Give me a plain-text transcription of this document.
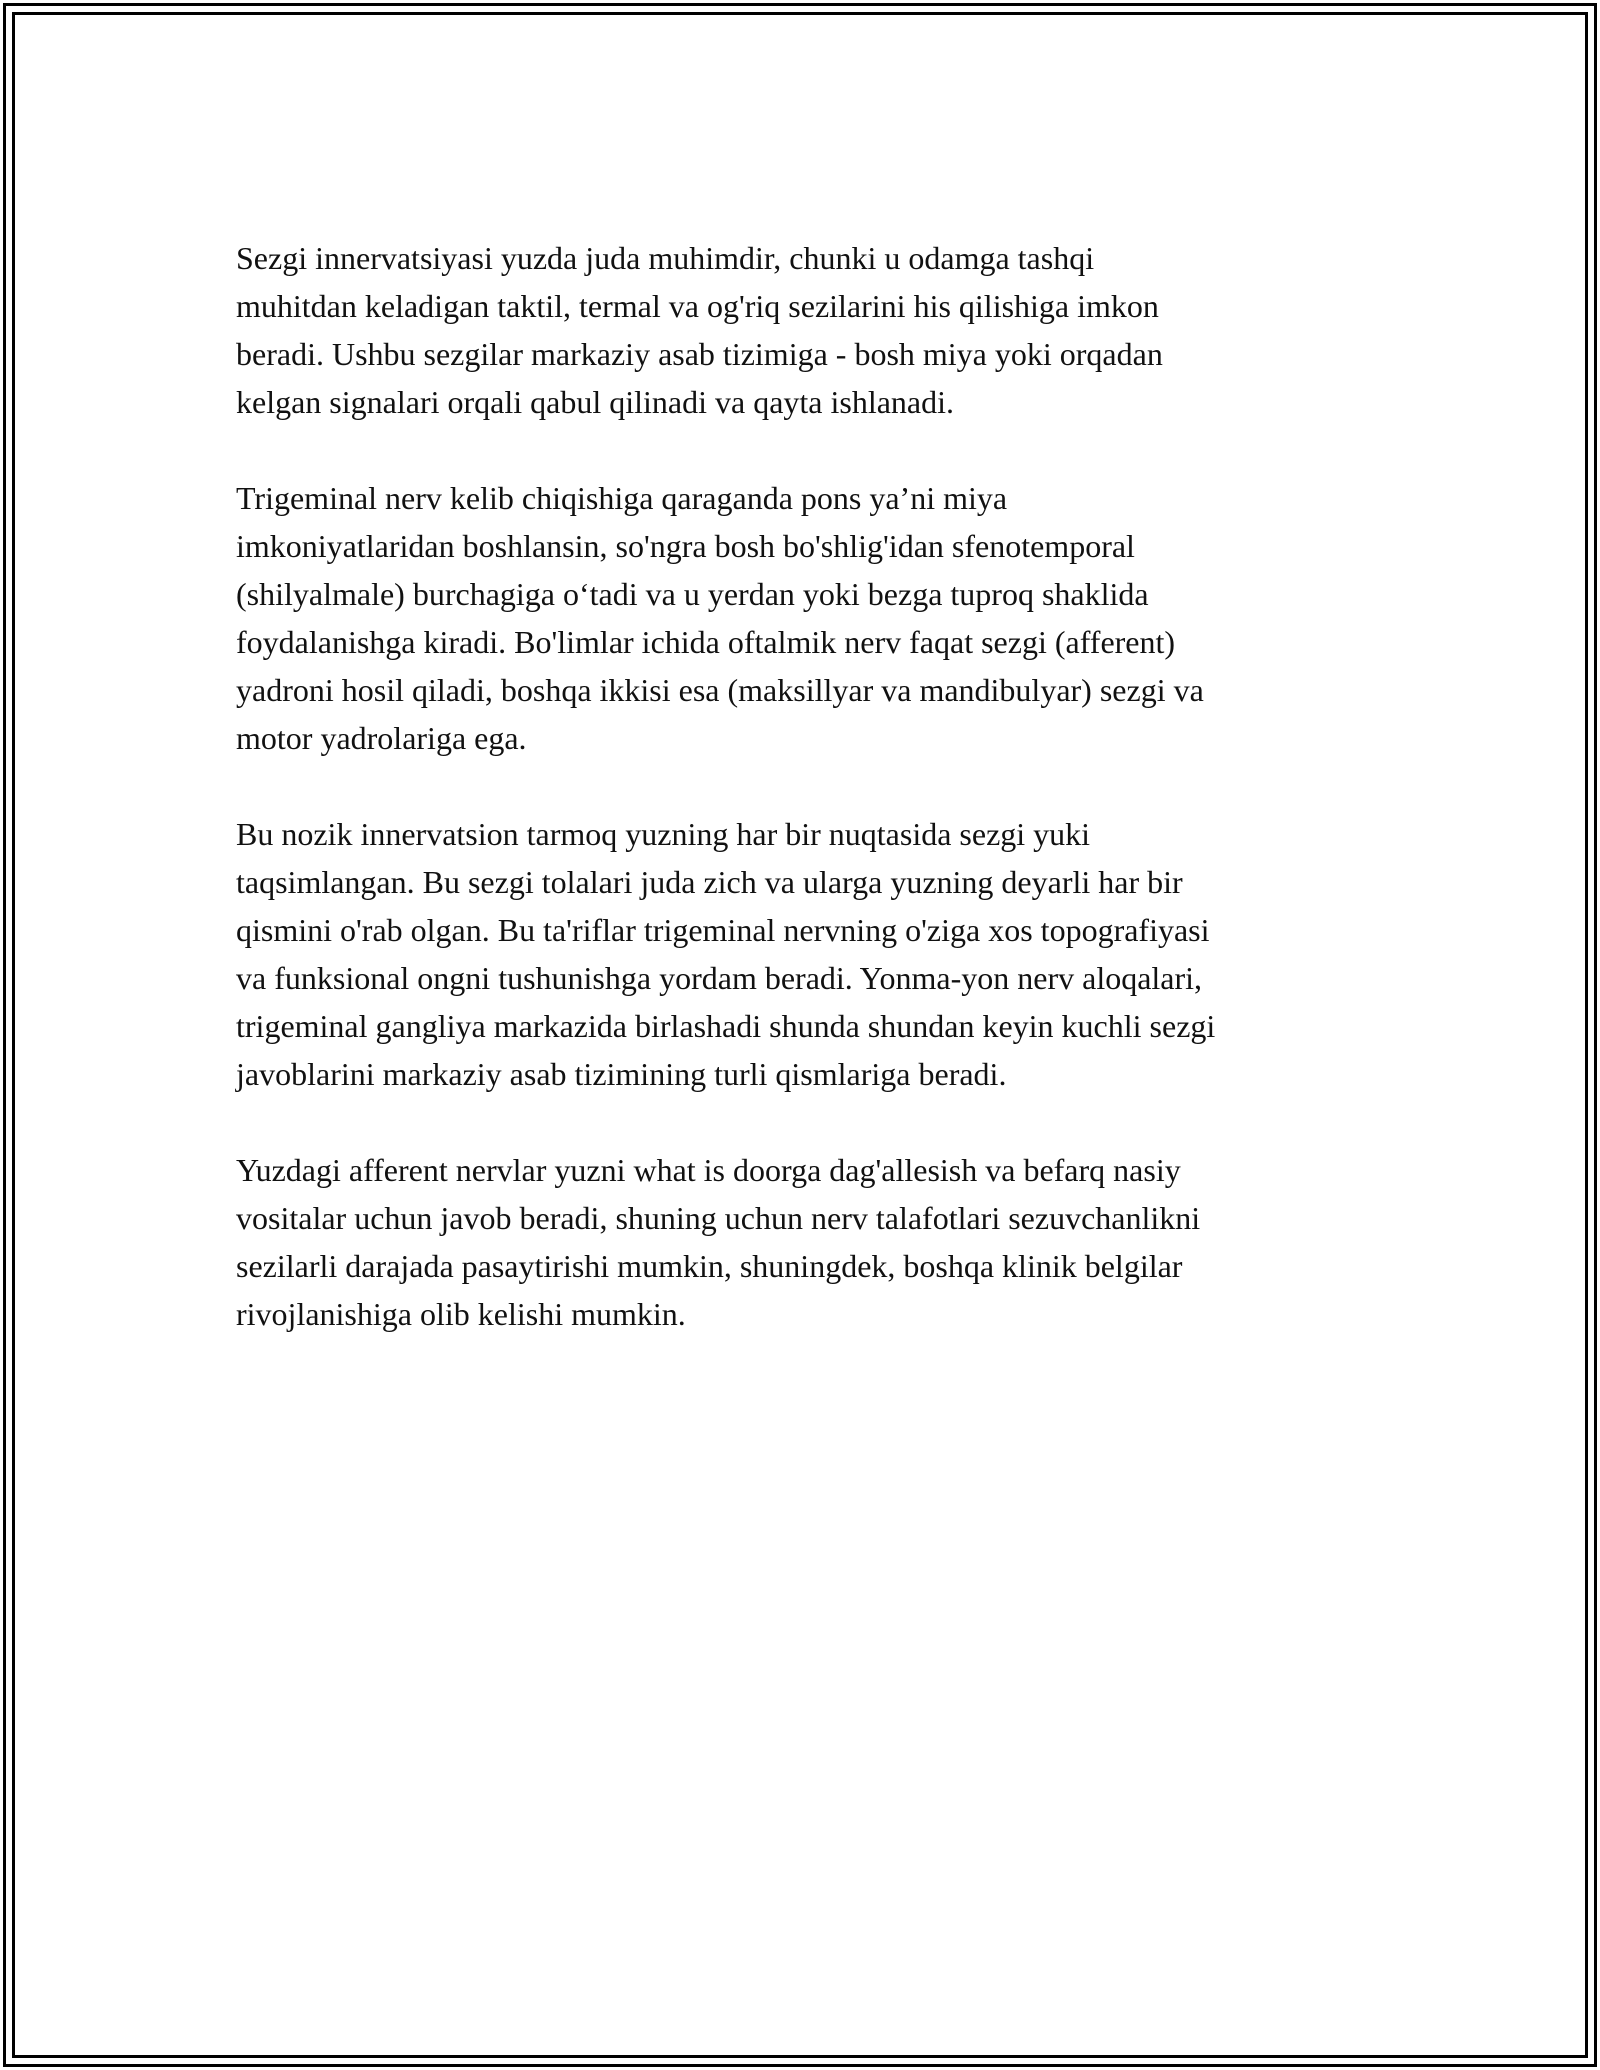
Sezgi innervatsiyasi yuzda juda muhimdir, chunki u odamga tashqi
muhitdan keladigan taktil, termal va og'riq sezilarini his qilishiga imkon
beradi. Ushbu sezgilar markaziy asab tizimiga - bosh miya yoki orqadan
kelgan signalari orqali qabul qilinadi va qayta ishlanadi.

Trigeminal nerv kelib chiqishiga qaraganda pons ya’ni miya
imkoniyatlaridan boshlansin, so'ngra bosh bo'shlig'idan sfenotemporal
(shilyalmale) burchagiga o‘tadi va u yerdan yoki bezga tuproq shaklida
foydalanishga kiradi. Bo'limlar ichida oftalmik nerv faqat sezgi (afferent)
yadroni hosil qiladi, boshqa ikkisi esa (maksillyar va mandibulyar) sezgi va
motor yadrolariga ega.

Bu nozik innervatsion tarmoq yuzning har bir nuqtasida sezgi yuki
taqsimlangan. Bu sezgi tolalari juda zich va ularga yuzning deyarli har bir
qismini o'rab olgan. Bu ta'riflar trigeminal nervning o'ziga xos topografiyasi
va funksional ongni tushunishga yordam beradi. Yonma-yon nerv aloqalari,
trigeminal gangliya markazida birlashadi shunda shundan keyin kuchli sezgi
javoblarini markaziy asab tizimining turli qismlariga beradi.

Yuzdagi afferent nervlar yuzni what is doorga dag'allesish va befarq nasiy
vositalar uchun javob beradi, shuning uchun nerv talafotlari sezuvchanlikni
sezilarli darajada pasaytirishi mumkin, shuningdek, boshqa klinik belgilar
rivojlanishiga olib kelishi mumkin.
